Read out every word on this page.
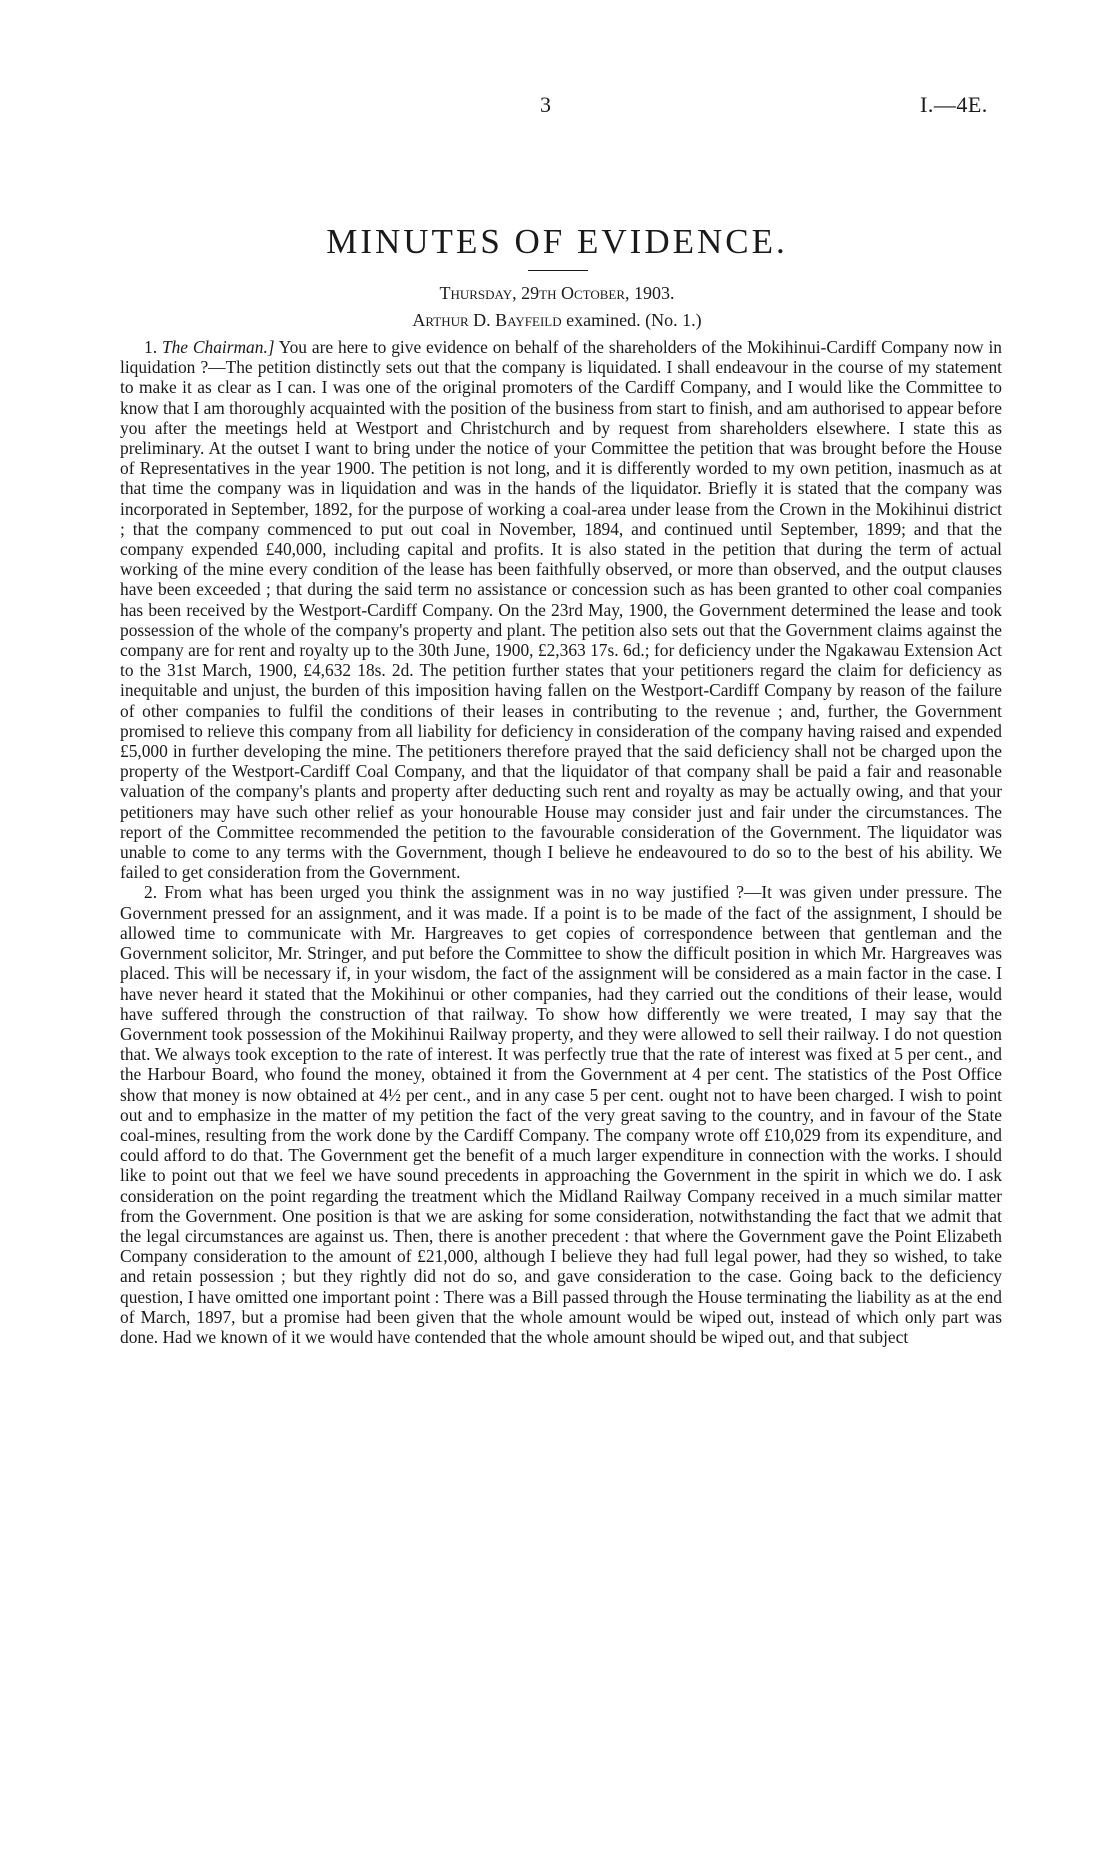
3	I.—4E.
MINUTES OF EVIDENCE.
Thursday, 29th October, 1903.
Arthur D. Bayfeild examined. (No. 1.)

1. The Chairman.] You are here to give evidence on behalf of the shareholders of the Mokihinui-Cardiff Company now in liquidation ?—The petition distinctly sets out that the company is liquidated. I shall endeavour in the course of my statement to make it as clear as I can. I was one of the original promoters of the Cardiff Company, and I would like the Committee to know that I am thoroughly acquainted with the position of the business from start to finish, and am authorised to appear before you after the meetings held at Westport and Christchurch and by request from shareholders elsewhere. I state this as preliminary. At the outset I want to bring under the notice of your Committee the petition that was brought before the House of Representatives in the year 1900. The petition is not long, and it is differently worded to my own petition, inasmuch as at that time the company was in liquidation and was in the hands of the liquidator. Briefly it is stated that the company was incorporated in September, 1892, for the purpose of working a coal-area under lease from the Crown in the Mokihinui district ; that the company commenced to put out coal in November, 1894, and continued until September, 1899; and that the company expended £40,000, including capital and profits. It is also stated in the petition that during the term of actual working of the mine every condition of the lease has been faithfully observed, or more than observed, and the output clauses have been exceeded ; that during the said term no assistance or concession such as has been granted to other coal companies has been received by the Westport-Cardiff Company. On the 23rd May, 1900, the Government determined the lease and took possession of the whole of the company's property and plant. The petition also sets out that the Government claims against the company are for rent and royalty up to the 30th June, 1900, £2,363 17s. 6d.; for deficiency under the Ngakawau Extension Act to the 31st March, 1900, £4,632 18s. 2d. The petition further states that your petitioners regard the claim for deficiency as inequitable and unjust, the burden of this imposition having fallen on the Westport-Cardiff Company by reason of the failure of other companies to fulfil the conditions of their leases in contributing to the revenue ; and, further, the Government promised to relieve this company from all liability for deficiency in consideration of the company having raised and expended £5,000 in further developing the mine. The petitioners therefore prayed that the said deficiency shall not be charged upon the property of the Westport-Cardiff Coal Company, and that the liquidator of that company shall be paid a fair and reasonable valuation of the company's plants and property after deducting such rent and royalty as may be actually owing, and that your petitioners may have such other relief as your honourable House may consider just and fair under the circumstances. The report of the Committee recommended the petition to the favourable consideration of the Government. The liquidator was unable to come to any terms with the Government, though I believe he endeavoured to do so to the best of his ability. We failed to get consideration from the Government.

2. From what has been urged you think the assignment was in no way justified ?—It was given under pressure. The Government pressed for an assignment, and it was made. If a point is to be made of the fact of the assignment, I should be allowed time to communicate with Mr. Hargreaves to get copies of correspondence between that gentleman and the Government solicitor, Mr. Stringer, and put before the Committee to show the difficult position in which Mr. Hargreaves was placed. This will be necessary if, in your wisdom, the fact of the assignment will be considered as a main factor in the case. I have never heard it stated that the Mokihinui or other companies, had they carried out the conditions of their lease, would have suffered through the construction of that railway. To show how differently we were treated, I may say that the Government took possession of the Mokihinui Railway property, and they were allowed to sell their railway. I do not question that. We always took exception to the rate of interest. It was perfectly true that the rate of interest was fixed at 5 per cent., and the Harbour Board, who found the money, obtained it from the Government at 4 per cent. The statistics of the Post Office show that money is now obtained at 4½ per cent., and in any case 5 per cent. ought not to have been charged. I wish to point out and to emphasize in the matter of my petition the fact of the very great saving to the country, and in favour of the State coal-mines, resulting from the work done by the Cardiff Company. The company wrote off £10,029 from its expenditure, and could afford to do that. The Government get the benefit of a much larger expenditure in connection with the works. I should like to point out that we feel we have sound precedents in approaching the Government in the spirit in which we do. I ask consideration on the point regarding the treatment which the Midland Railway Company received in a much similar matter from the Government. One position is that we are asking for some consideration, notwithstanding the fact that we admit that the legal circumstances are against us. Then, there is another precedent : that where the Government gave the Point Elizabeth Company consideration to the amount of £21,000, although I believe they had full legal power, had they so wished, to take and retain possession ; but they rightly did not do so, and gave consideration to the case. Going back to the deficiency question, I have omitted one important point : There was a Bill passed through the House terminating the liability as at the end of March, 1897, but a promise had been given that the whole amount would be wiped out, instead of which only part was done. Had we known of it we would have contended that the whole amount should be wiped out, and that subject
